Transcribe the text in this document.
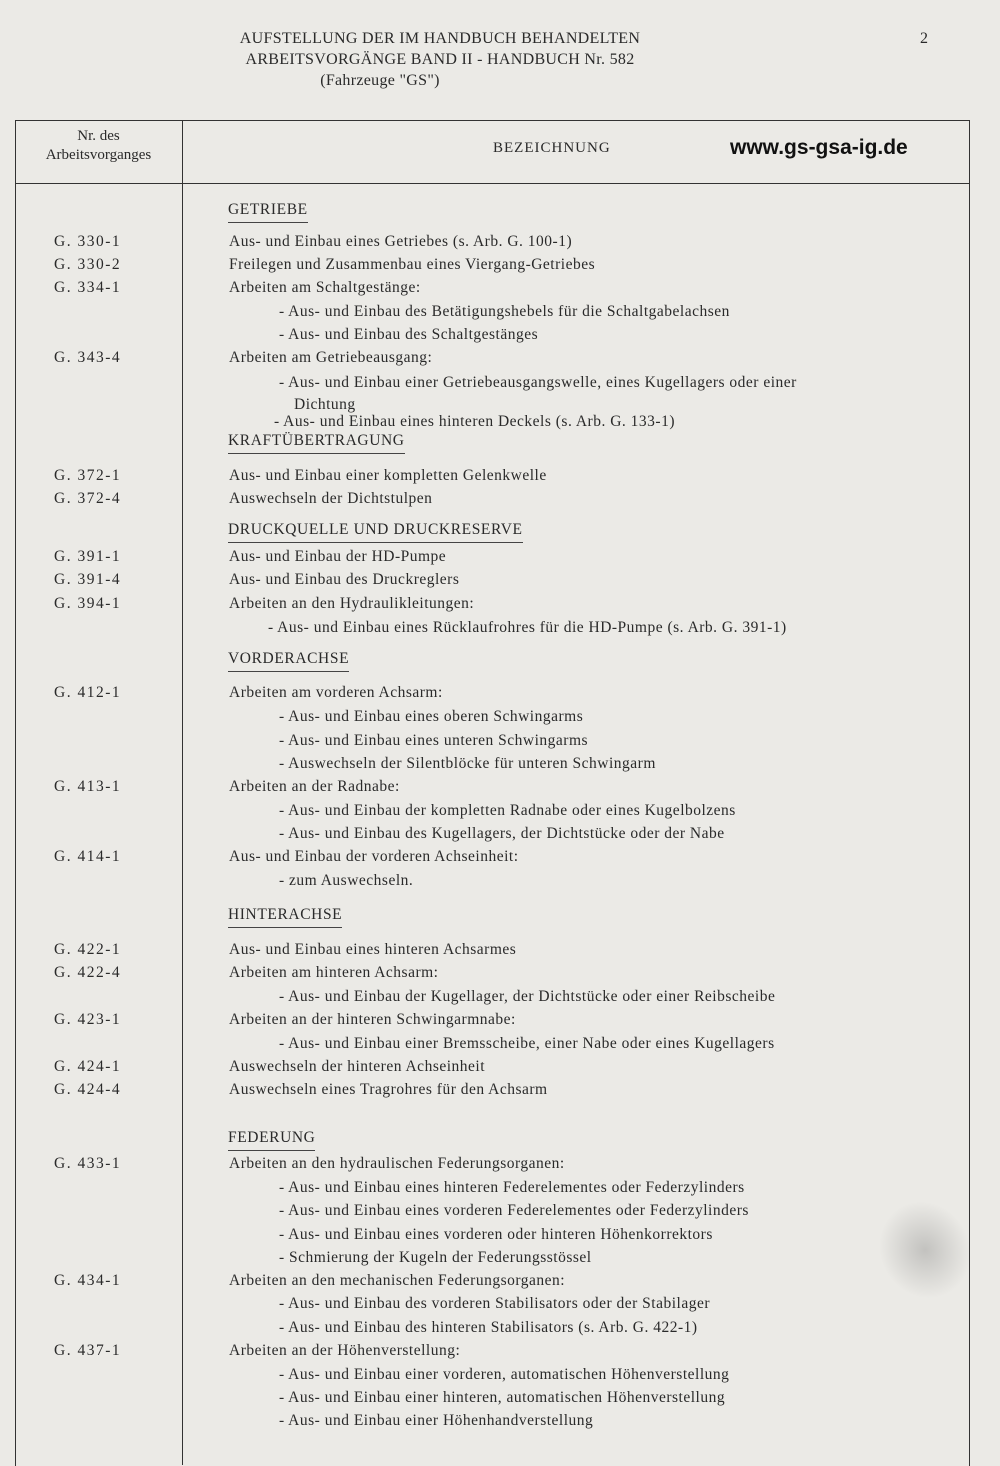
AUFSTELLUNG DER IM HANDBUCH BEHANDELTEN
ARBEITSVORGÄNGE BAND II - HANDBUCH Nr. 582
(Fahrzeuge "GS")
2
Nr. des
Arbeitsvorganges	BEZEICHNUNG	www.gs-gsa-ig.de
GETRIEBE
KRAFTÜBERTRAGUNG
DRUCKQUELLE UND DRUCKRESERVE
VORDERACHSE
HINTERACHSE
FEDERUNG
G. 330-1
G. 330-2
G. 334-1
G. 343-4
G. 372-1
G. 372-4
G. 391-1
G. 391-4
G. 394-1
G. 412-1
G. 413-1
G. 414-1
G. 422-1
G. 422-4
G. 423-1
G. 424-1
G. 424-4
G. 433-1
G. 434-1
G. 437-1
Aus- und Einbau eines Getriebes (s. Arb. G. 100-1)
Freilegen und Zusammenbau eines Viergang-Getriebes
Arbeiten am Schaltgestänge:
- Aus- und Einbau des Betätigungshebels für die Schaltgabelachsen
- Aus- und Einbau des Schaltgestänges
Arbeiten am Getriebeausgang:
- Aus- und Einbau einer Getriebeausgangswelle, eines Kugellagers oder einer
Dichtung
- Aus- und Einbau eines hinteren Deckels (s. Arb. G. 133-1)
Aus- und Einbau einer kompletten Gelenkwelle
Auswechseln der Dichtstulpen
Aus- und Einbau der HD-Pumpe
Aus- und Einbau des Druckreglers
Arbeiten an den Hydraulikleitungen:
- Aus- und Einbau eines Rücklaufrohres für die HD-Pumpe (s. Arb. G. 391-1)
Arbeiten am vorderen Achsarm:
- Aus- und Einbau eines oberen Schwingarms
- Aus- und Einbau eines unteren Schwingarms
- Auswechseln der Silentblöcke für unteren Schwingarm
Arbeiten an der Radnabe:
- Aus- und Einbau der kompletten Radnabe oder eines Kugelbolzens
- Aus- und Einbau des Kugellagers, der Dichtstücke oder der Nabe
Aus- und Einbau der vorderen Achseinheit:
- zum Auswechseln.
Aus- und Einbau eines hinteren Achsarmes
Arbeiten am hinteren Achsarm:
- Aus- und Einbau der Kugellager, der Dichtstücke oder einer Reibscheibe
Arbeiten an der hinteren Schwingarmnabe:
- Aus- und Einbau einer Bremsscheibe, einer Nabe oder eines Kugellagers
Auswechseln der hinteren Achseinheit
Auswechseln eines Tragrohres für den Achsarm
Arbeiten an den hydraulischen Federungsorganen:
- Aus- und Einbau eines hinteren Federelementes oder Federzylinders
- Aus- und Einbau eines vorderen Federelementes oder Federzylinders
- Aus- und Einbau eines vorderen oder hinteren Höhenkorrektors
- Schmierung der Kugeln der Federungsstössel
Arbeiten an den mechanischen Federungsorganen:
- Aus- und Einbau des vorderen Stabilisators oder der Stabilager
- Aus- und Einbau des hinteren Stabilisators (s. Arb. G. 422-1)
Arbeiten an der Höhenverstellung:
- Aus- und Einbau einer vorderen, automatischen Höhenverstellung
- Aus- und Einbau einer hinteren, automatischen Höhenverstellung
- Aus- und Einbau einer Höhenhandverstellung
